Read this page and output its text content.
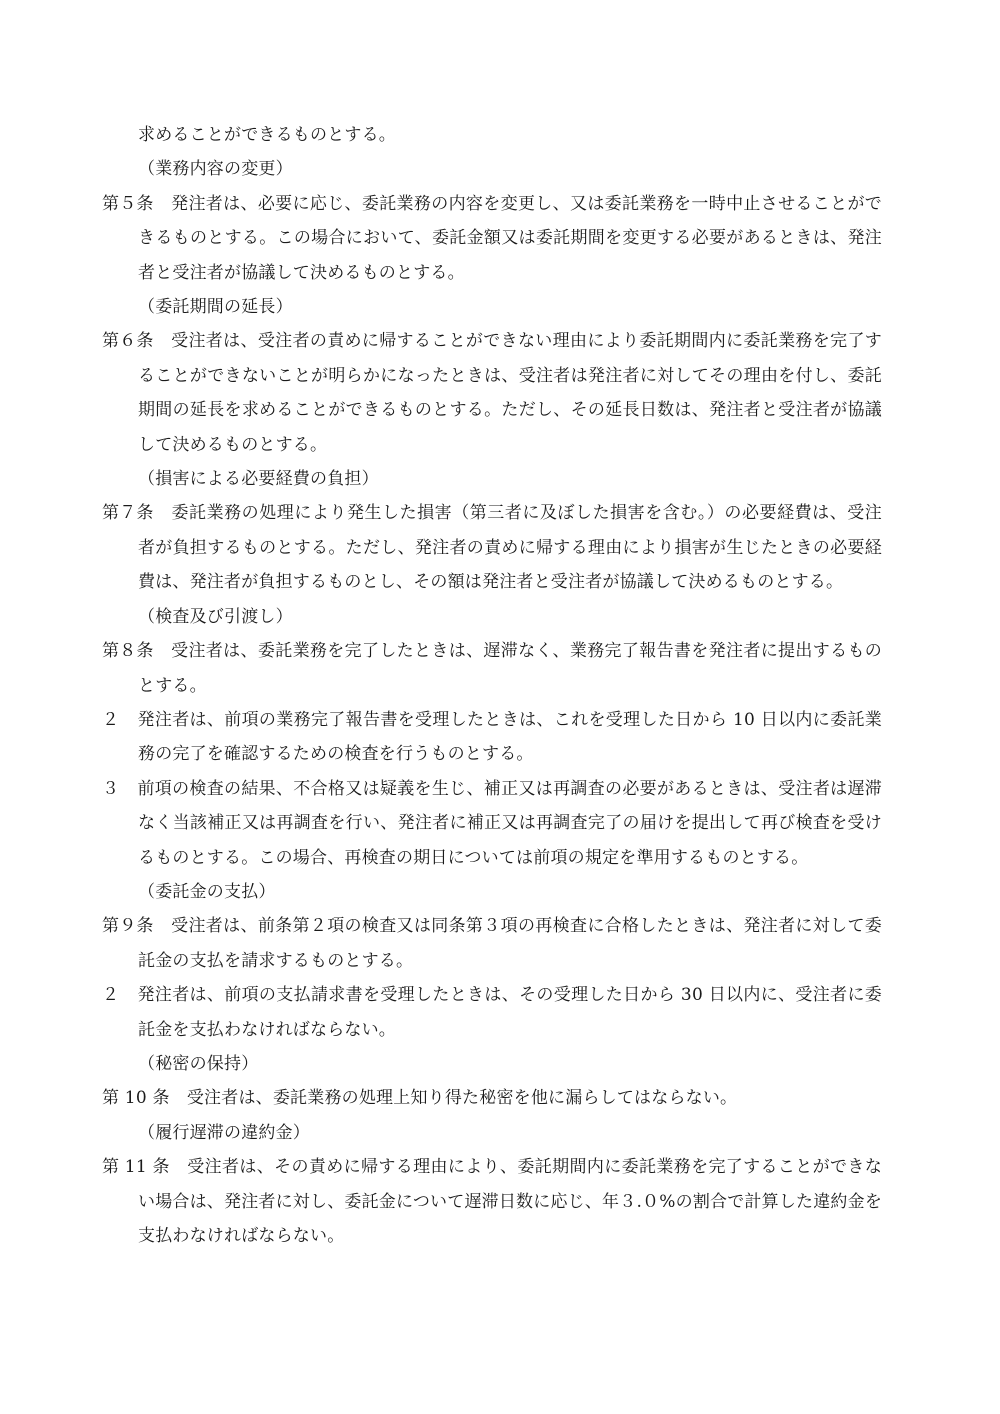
求めることができるものとする。

（業務内容の変更）

第５条　 発注者は、必要に応じ、委託業務の内容を変更し、又は委託業務を一時中止させることができるものとする。この場合において、委託金額又は委託期間を変更する必要があるときは、発注者と受注者が協議して決めるものとする。

（委託期間の延長）

第６条　 受注者は、受注者の責めに帰することができない理由により委託期間内に委託業務を完了することができないことが明らかになったときは、受注者は発注者に対してその理由を付し、委託期間の延長を求めることができるものとする。ただし、その延長日数は、発注者と受注者が協議して決めるものとする。

（損害による必要経費の負担）

第７条　 委託業務の処理により発生した損害（第三者に及ぼした損害を含む。）の必要経費は、受注者が負担するものとする。ただし、発注者の責めに帰する理由により損害が生じたときの必要経費は、発注者が負担するものとし、その額は発注者と受注者が協議して決めるものとする。

（検査及び引渡し）

第８条　 受注者は、委託業務を完了したときは、遅滞なく、業務完了報告書を発注者に提出するものとする。

２　 発注者は、前項の業務完了報告書を受理したときは、これを受理した日から 10 日以内に委託業務の完了を確認するための検査を行うものとする。

３　 前項の検査の結果、不合格又は疑義を生じ、補正又は再調査の必要があるときは、受注者は遅滞なく当該補正又は再調査を行い、発注者に補正又は再調査完了の届けを提出して再び検査を受けるものとする。この場合、再検査の期日については前項の規定を準用するものとする。

（委託金の支払）

第９条　 受注者は、前条第２項の検査又は同条第３項の再検査に合格したときは、発注者に対して委託金の支払を請求するものとする。

２　 発注者は、前項の支払請求書を受理したときは、その受理した日から 30 日以内に、受注者に委託金を支払わなければならない。

（秘密の保持）

第 10 条　 受注者は、委託業務の処理上知り得た秘密を他に漏らしてはならない。

（履行遅滞の違約金）

第 11 条　 受注者は、その責めに帰する理由により、委託期間内に委託業務を完了することができない場合は、発注者に対し、委託金について遅滞日数に応じ、年３.０%の割合で計算した違約金を支払わなければならない。
